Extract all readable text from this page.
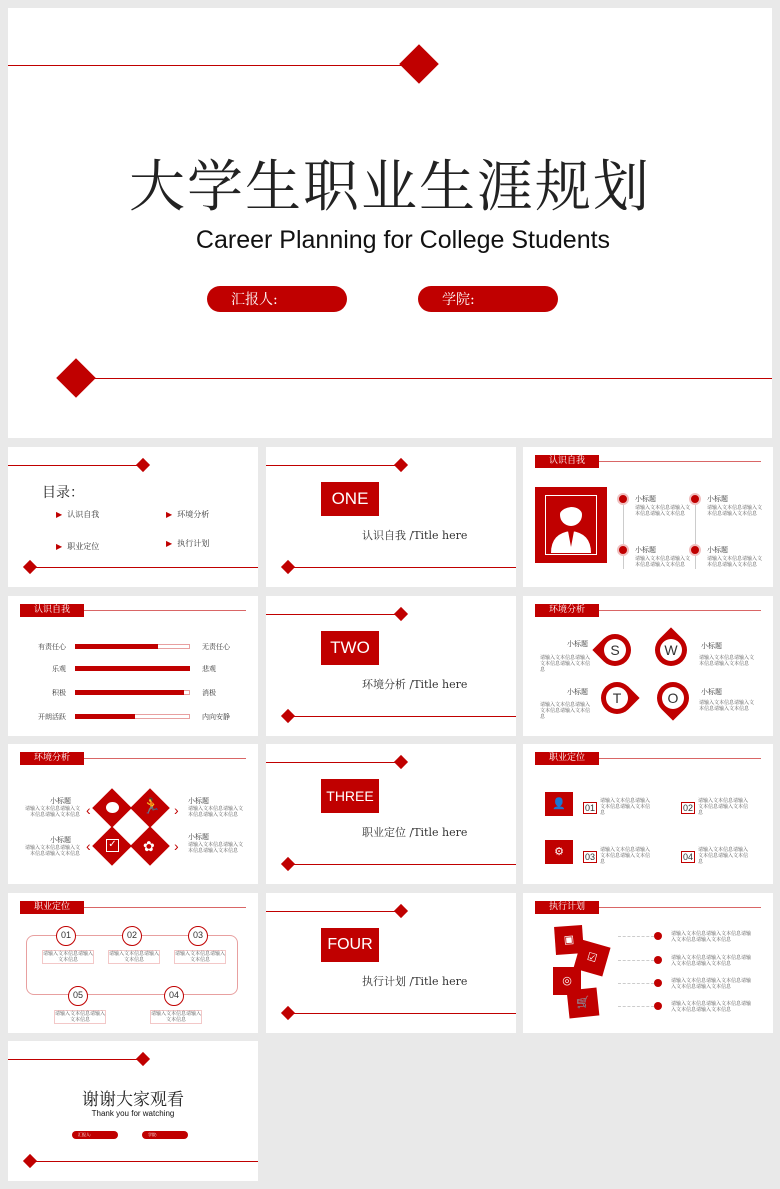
大学生职业生涯规划
Career Planning for College Students
汇报人:	学院:
目录：
▶ 认识自我	▶ 环境分析
▶ 职业定位	▶ 执行计划
ONE
认识自我 /Title here
认识自我
小标题
请输入文本信息请输入文本信息请输入文本信息
小标题
请输入文本信息请输入文本信息请输入文本信息
小标题
请输入文本信息请输入文本信息请输入文本信息
小标题
请输入文本信息请输入文本信息请输入文本信息
认识自我
有责任心	无责任心
乐观	悲观
积极	消极
开朗活跃	内向安静
TWO
环境分析 /Title here
环境分析
小标题
请输入文本信息请输入文本信息请输入文本信息
S	W	小标题
请输入文本信息请输入文本信息请输入文本信息
小标题
请输入文本信息请输入文本信息请输入文本信息
T	O	小标题
请输入文本信息请输入文本信息请输入文本信息
环境分析
小标题
请输入文本信息请输入文本信息请输入文本信息
小标题
请输入文本信息请输入文本信息请输入文本信息
小标题
请输入文本信息请输入文本信息请输入文本信息
小标题
请输入文本信息请输入文本信息请输入文本信息
🏃
✓ ✿
‹	›
‹	›
THREE
职业定位 /Title here
职业定位
👤
⚙
01
请输入文本信息请输入文本信息请输入文本信息	02
请输入文本信息请输入文本信息请输入文本信息
03
请输入文本信息请输入文本信息请输入文本信息	04
请输入文本信息请输入文本信息请输入文本信息
职业定位
01
请输入文本信息请输入文本信息
02
请输入文本信息请输入文本信息
03
请输入文本信息请输入文本信息
05
请输入文本信息请输入文本信息
04
请输入文本信息请输入文本信息
FOUR
执行计划 /Title here
执行计划
▣
☑
◎
🛒
请输入文本信息请输入文本信息请输入文本信息请输入文本信息
请输入文本信息请输入文本信息请输入文本信息请输入文本信息
请输入文本信息请输入文本信息请输入文本信息请输入文本信息
请输入文本信息请输入文本信息请输入文本信息请输入文本信息
谢谢大家观看
Thank you for watching
汇报人:	学院:
